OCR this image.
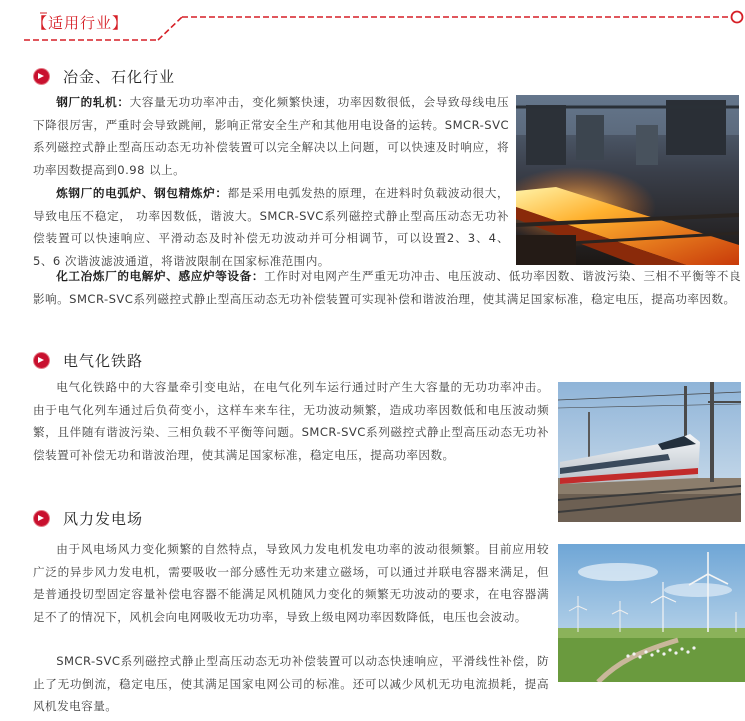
【适用行业】
冶金、石化行业

钢厂的轧机：大容量无功功率冲击，变化频繁快速，功率因数很低，会导致母线电压下降很厉害，严重时会导致跳闸，影响正常安全生产和其他用电设备的运转。SMCR-SVC系列磁控式静止型高压动态无功补偿装置可以完全解决以上问题，可以快速及时响应，将功率因数提高到0.98 以上。

炼钢厂的电弧炉、钢包精炼炉：都是采用电弧发热的原理，在进料时负载波动很大，导致电压不稳定， 功率因数低，谐波大。SMCR-SVC系列磁控式静止型高压动态无功补偿装置可以快速响应、平滑动态及时补偿无功波动并可分相调节，可以设置2、3、4、5、6 次谐波滤波通道，将谐波限制在国家标准范围内。

化工冶炼厂的电解炉、感应炉等设备：工作时对电网产生严重无功冲击、电压波动、低功率因数、谐波污染、三相不平衡等不良影响。SMCR-SVC系列磁控式静止型高压动态无功补偿装置可实现补偿和谐波治理，使其满足国家标准，稳定电压，提高功率因数。

电气化铁路

电气化铁路中的大容量牵引变电站，在电气化列车运行通过时产生大容量的无功功率冲击。由于电气化列车通过后负荷变小，这样车来车往，无功波动频繁，造成功率因数低和电压波动频繁，且伴随有谐波污染、三相负载不平衡等问题。SMCR-SVC系列磁控式静止型高压动态无功补偿装置可补偿无功和谐波治理，使其满足国家标准，稳定电压，提高功率因数。

风力发电场

由于风电场风力变化频繁的自然特点，导致风力发电机发电功率的波动很频繁。目前应用较广泛的异步风力发电机，需要吸收一部分感性无功来建立磁场，可以通过并联电容器来满足，但是普通投切型固定容量补偿电容器不能满足风机随风力变化的频繁无功波动的要求，在电容器满足不了的情况下，风机会向电网吸收无功功率，导致上级电网功率因数降低，电压也会波动。

SMCR-SVC系列磁控式静止型高压动态无功补偿装置可以动态快速响应，平滑线性补偿，防止了无功倒流，稳定电压，使其满足国家电网公司的标准。还可以减少风机无功电流损耗，提高风机发电容量。
